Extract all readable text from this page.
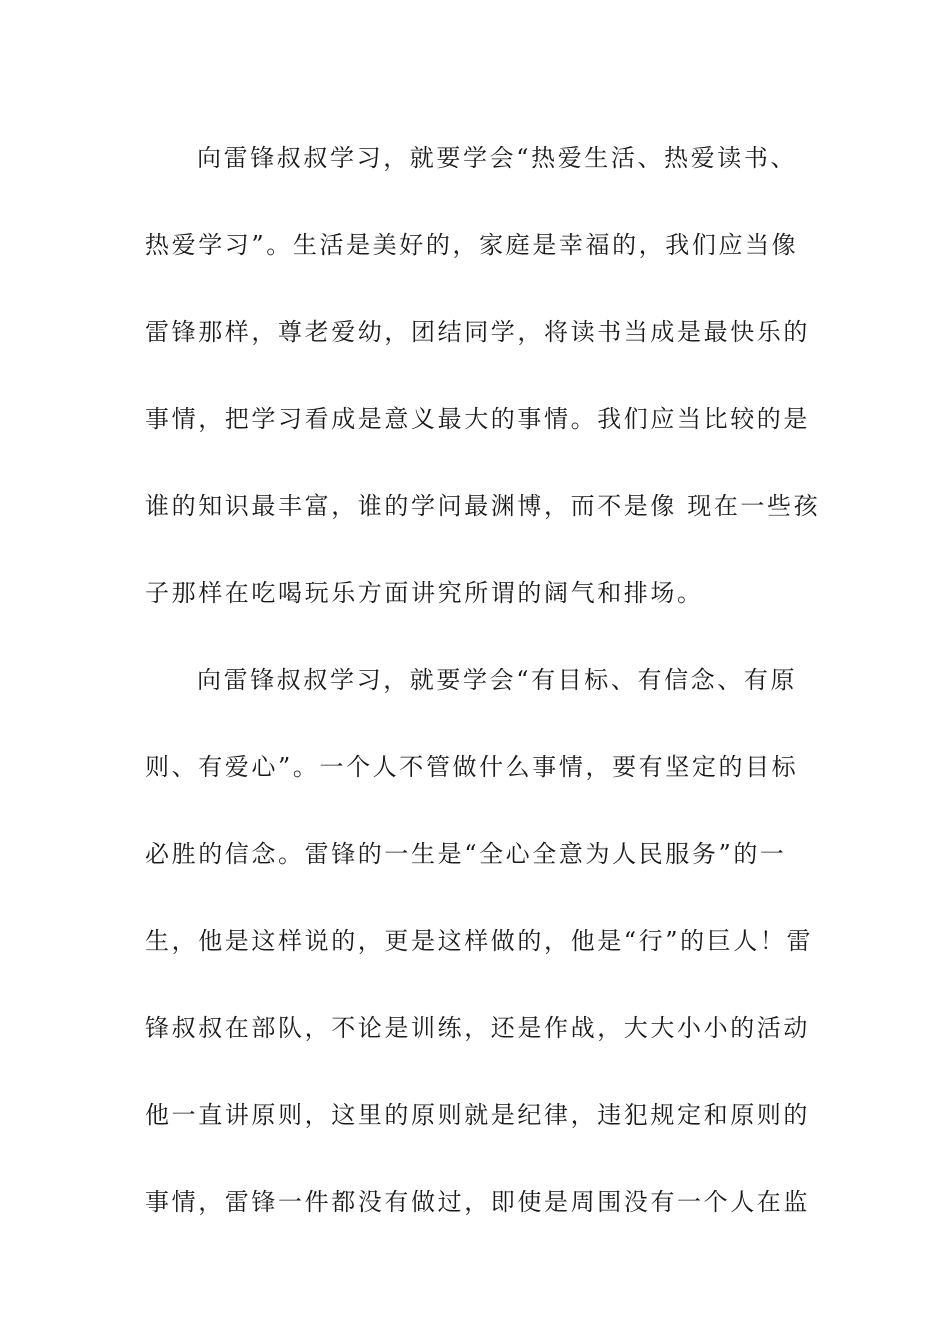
向雷锋叔叔学习，就要学会“热爱生活、热爱读书、
热爱学习”。生活是美好的，家庭是幸福的，我们应当像
雷锋那样，尊老爱幼，团结同学，将读书当成是最快乐的
事情，把学习看成是意义最大的事情。我们应当比较的是
谁的知识最丰富，谁的学问最渊博，而不是像 现在一些孩
子那样在吃喝玩乐方面讲究所谓的阔气和排场。
向雷锋叔叔学习，就要学会“有目标、有信念、有原
则、有爱心”。一个人不管做什么事情，要有坚定的目标
必胜的信念。雷锋的一生是“全心全意为人民服务”的一
生，他是这样说的，更是这样做的，他是“行”的巨人！雷
锋叔叔在部队，不论是训练，还是作战，大大小小的活动
他一直讲原则，这里的原则就是纪律，违犯规定和原则的
事情，雷锋一件都没有做过，即使是周围没有一个人在监
